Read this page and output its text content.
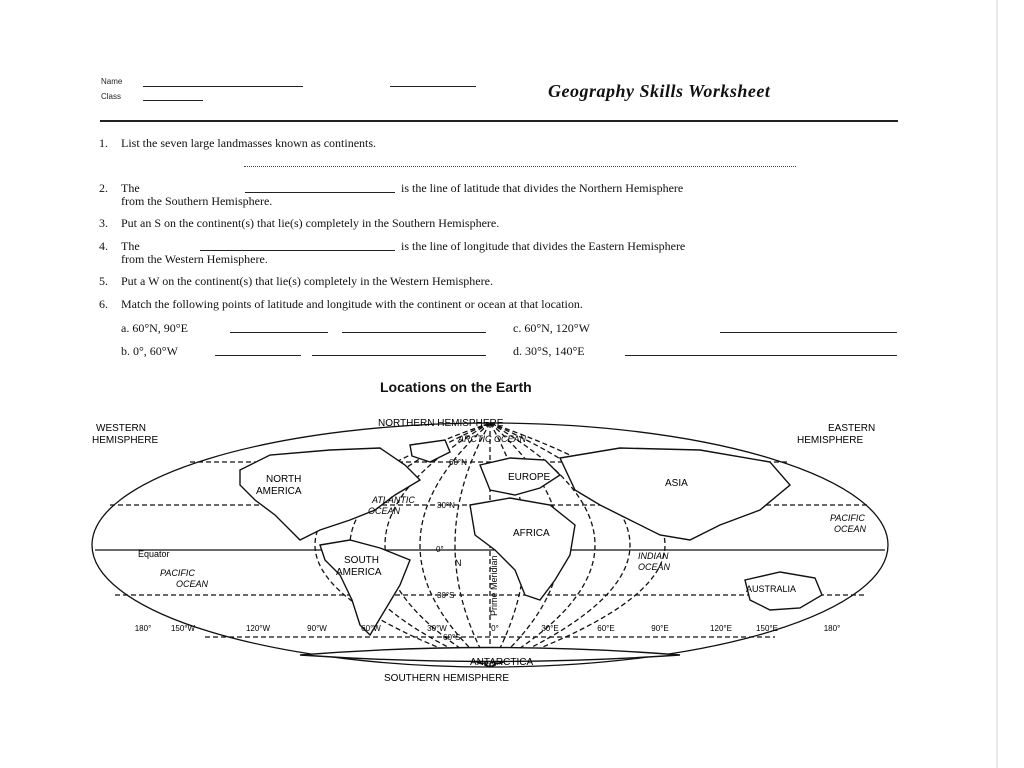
Name
Class	Geography Skills Worksheet
1. List the seven large landmasses known as continents.
2. The	is the line of latitude that divides the Northern Hemisphere
from the Southern Hemisphere.
3. Put an S on the continent(s) that lie(s) completely in the Southern Hemisphere.
4. The	is the line of longitude that divides the Eastern Hemisphere
from the Western Hemisphere.
5. Put a W on the continent(s) that lie(s) completely in the Western Hemisphere.
6. Match the following points of latitude and longitude with the continent or ocean at that location.
a. 60°N, 90°E	c. 60°N, 120°W
b. 0°, 60°W	d. 30°S, 140°E
Locations on the Earth
WESTERN
HEMISPHERE
EASTERN
HEMISPHERE
NORTHERN HEMISPHERE
SOUTHERN HEMISPHERE
ARCTIC OCEAN
NORTH
AMERICA
EUROPE
ASIA
ATLANTIC
OCEAN
AFRICA
PACIFIC
OCEAN
Equator
PACIFIC
OCEAN
SOUTH
AMERICA
INDIAN
OCEAN
AUSTRALIA
ANTARCTICA
60°N
30°N
0°
N
30°S
60°S
Prime Meridian
180° 150°W	120°W	90°W	60°W	30°W	0°	30°E	60°E	90°E	120°E	150°E	180°
